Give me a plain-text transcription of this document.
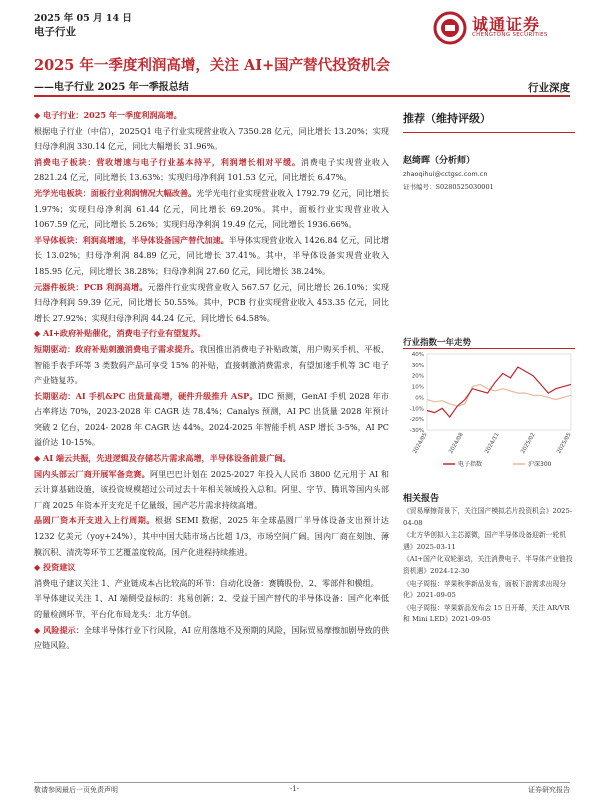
2025 年 05 月 14 日
电子行业	诚通证券
CHENGTONG SECURITIES
2025 年一季度利润高增，关注 AI+国产替代投资机会
——电子行业 2025 年一季报总结	行业深度

◆ 电子行业：2025 年一季度利润高增。

根据电子行业（中信），2025Q1 电子行业实现营业收入 7350.28 亿元，同比增长 13.20%；实现归母净利润 330.14 亿元，同比大幅增长 31.96%。

消费电子板块：营收增速与电子行业基本持平，利润增长相对平缓。消费电子实现营业收入 2821.24 亿元，同比增长 13.63%；实现归母净利润 101.53 亿元，同比增长 6.47%。

光学光电板块：面板行业利润情况大幅改善。光学光电行业实现营业收入 1792.79 亿元，同比增长 1.97%；实现归母净利润 61.44 亿元，同比增长 69.20%。其中，面板行业实现营业收入 1067.59 亿元，同比增长 5.26%；实现归母净利润 19.49 亿元，同比增长 1936.66%。

半导体板块：利润高增速，半导体设备国产替代加速。半导体实现营业收入 1426.84 亿元，同比增长 13.02%；归母净利润 84.89 亿元，同比增长 37.41%。其中，半导体设备实现营业收入 185.95 亿元，同比增长 38.28%；归母净利润 27.60 亿元，同比增长 38.24%。

元器件板块：PCB 利润高增。元器件行业实现营业收入 567.57 亿元，同比增长 26.10%；实现归母净利润 59.39 亿元，同比增长 50.55%。其中，PCB 行业实现营业收入 453.35 亿元，同比增长 27.92%；实现归母净利润 44.24 亿元，同比增长 64.58%。

◆ AI+政府补贴催化，消费电子行业有望复苏。

短期驱动：政府补贴刺激消费电子需求提升。我国推出消费电子补贴政策，用户购买手机、平板、智能手表手环等 3 类数码产品可享受 15% 的补贴，直接刺激消费需求，有望加速手机等 3C 电子产业链复苏。

长期驱动：AI 手机&PC 出货量高增，硬件升级推升 ASP。IDC 预测，GenAI 手机 2028 年市占率将达 70%，2023-2028 年 CAGR 达 78.4%；Canalys 预测，AI PC 出货量 2028 年预计突破 2 亿台，2024- 2028 年 CAGR 达 44%。2024-2025 年智能手机 ASP 增长 3-5%，AI PC 溢价达 10-15%。

◆ AI 端云共振，先进逻辑及存储芯片需求高增，半导体设备前景广阔。

国内头部云厂商开展军备竞赛。阿里巴巴计划在 2025-2027 年投入人民币 3800 亿元用于 AI 和云计算基础设施，该投资规模超过公司过去十年相关领域投入总和。阿里、字节、腾讯等国内头部厂商 2025 年资本开支充足千亿量级，国产芯片需求持续高增。

晶圆厂资本开支进入上行周期。根据 SEMI 数据，2025 年全球晶圆厂半导体设备支出预计达 1232 亿美元（yoy+24%），其中中国大陆市场占比超 1/3，市场空间广阔。国内厂商在刻蚀、薄膜沉积、清洗等环节工艺覆盖度较高，国产化进程持续推进。

◆ 投资建议

消费电子建议关注 1、产业链成本占比较高的环节：自动化设备：赛腾股份，2、零部件和模组。

半导体建议关注 1、AI 端侧受益标的：兆易创新；2、受益于国产替代的半导体设备：国产化率低的量检测环节，平台化布局龙头：北方华创。

◆ 风险提示：全球半导体行业下行风险，AI 应用落地不及预期的风险，国际贸易摩擦加剧导致的供应链风险。

推荐（维持评级）
赵绮晖（分析师）
zhaoqihui@cctgsc.com.cn
证书编号：S0280525030001
行业指数一年走势
40%
30%
20%
10%
0%
-10%
-20%
-30%
2024/05	2024/08	2024/11	2025/02	2025/05
电子指数	沪深300
相关报告

《贸易摩擦背景下，关注国产模拟芯片投资机会》2025-04-08

《北方华创拟入主芯源微，国产半导体设备迎新一轮机遇》2025-03-11

《AI+国产化双轮驱动，关注消费电子、半导体产业链投资机遇》2024-12-30

《电子周报：苹果秋季新品发布，面板下游需求出现分化》2021-09-05

《电子周报：苹果新品发布会 15 日开幕，关注 AR/VR 和 Mini LED》2021-09-05

敬请参阅最后一页免责声明	-1-	证券研究报告
